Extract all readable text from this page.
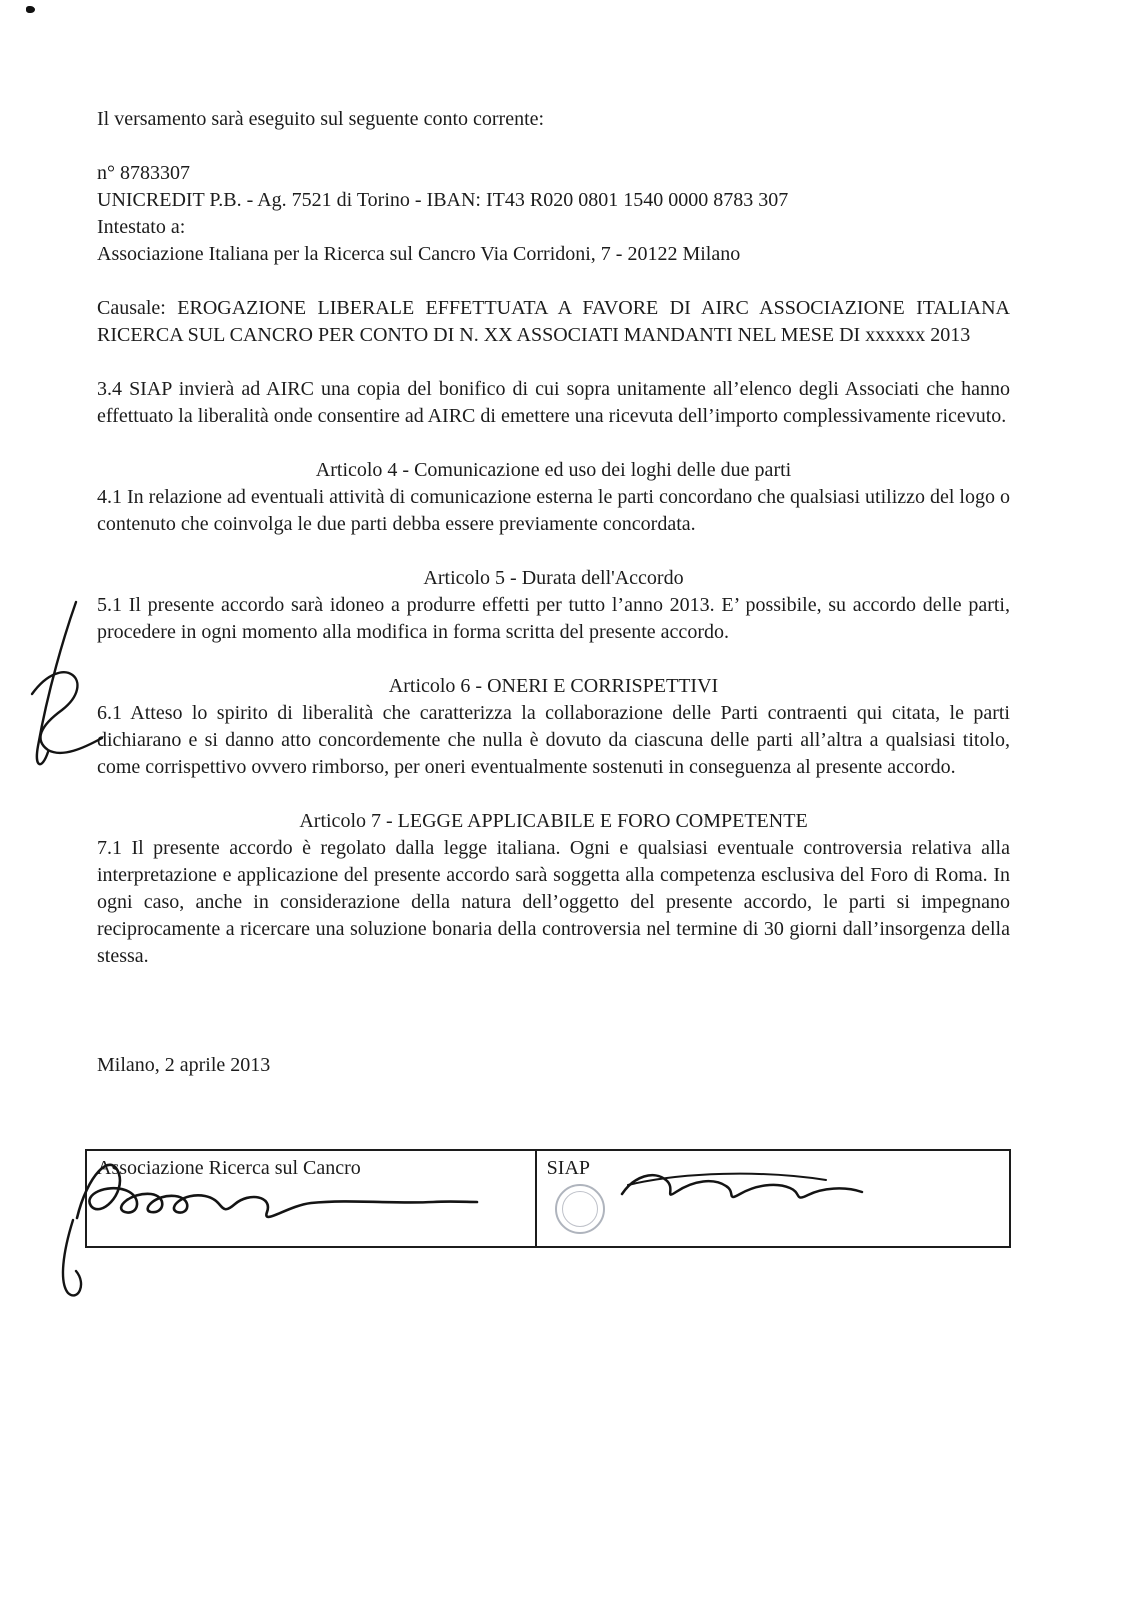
Il versamento sarà eseguito sul seguente conto corrente:

n° 8783307
UNICREDIT P.B. - Ag. 7521 di Torino - IBAN: IT43 R020 0801 1540 0000 8783 307
Intestato a:
Associazione Italiana per la Ricerca sul Cancro Via Corridoni, 7 - 20122 Milano

Causale: EROGAZIONE LIBERALE EFFETTUATA A FAVORE DI AIRC ASSOCIAZIONE ITALIANA RICERCA SUL CANCRO PER CONTO DI N. XX ASSOCIATI MANDANTI NEL MESE DI xxxxxx 2013

3.4 SIAP invierà ad AIRC una copia del bonifico di cui sopra unitamente all’elenco degli Associati che hanno effettuato la liberalità onde consentire ad AIRC di emettere una ricevuta dell’importo complessivamente ricevuto.

Articolo 4 - Comunicazione ed uso dei loghi delle due parti

4.1 In relazione ad eventuali attività di comunicazione esterna le parti concordano che qualsiasi utilizzo del logo o contenuto che coinvolga le due parti debba essere previamente concordata.

Articolo 5 - Durata dell'Accordo

5.1 Il presente accordo sarà idoneo a produrre effetti per tutto l’anno 2013. E’ possibile, su accordo delle parti, procedere in ogni momento alla modifica in forma scritta del presente accordo.

Articolo 6 - ONERI E CORRISPETTIVI

6.1 Atteso lo spirito di liberalità che caratterizza la collaborazione delle Parti contraenti qui citata, le parti dichiarano e si danno atto concordemente che nulla è dovuto da ciascuna delle parti all’altra a qualsiasi titolo, come corrispettivo ovvero rimborso, per oneri eventualmente sostenuti in conseguenza al presente accordo.

Articolo 7 - LEGGE APPLICABILE E FORO COMPETENTE

7.1 Il presente accordo è regolato dalla legge italiana. Ogni e qualsiasi eventuale controversia relativa alla interpretazione e applicazione del presente accordo sarà soggetta alla competenza esclusiva del Foro di Roma. In ogni caso, anche in considerazione della natura dell’oggetto del presente accordo, le parti si impegnano reciprocamente a ricercare una soluzione bonaria della controversia nel termine di 30 giorni dall’insorgenza della stessa.

Milano, 2 aprile 2013

Associazione Ricerca sul Cancro	SIAP
